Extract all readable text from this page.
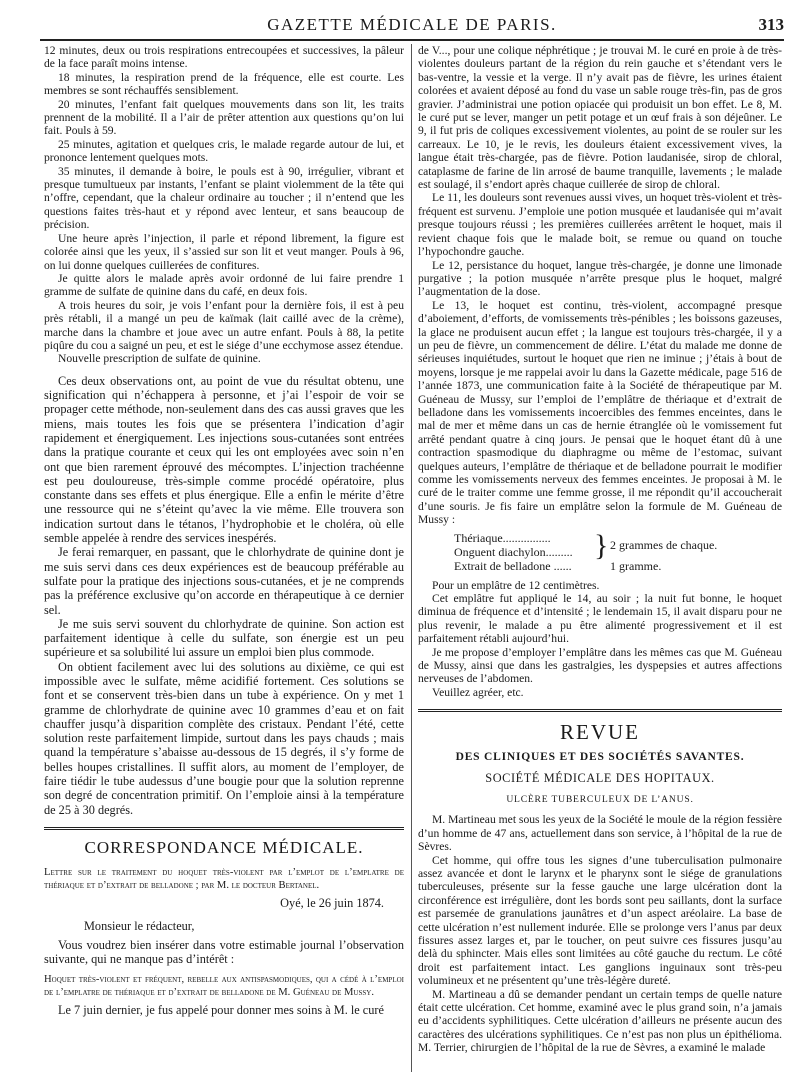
GAZETTE MÉDICALE DE PARIS.	313

12 minutes, deux ou trois respirations entrecoupées et successives, la pâleur de la face paraît moins intense.

18 minutes, la respiration prend de la fréquence, elle est courte. Les membres se sont réchauffés sensiblement.

20 minutes, l’enfant fait quelques mouvements dans son lit, les traits prennent de la mobilité. Il a l’air de prêter attention aux questions qu’on lui fait. Pouls à 59.

25 minutes, agitation et quelques cris, le malade regarde autour de lui, et prononce lentement quelques mots.

35 minutes, il demande à boire, le pouls est à 90, irrégulier, vibrant et presque tumultueux par instants, l’enfant se plaint violemment de la tête qui n’offre, cependant, que la chaleur ordinaire au toucher ; il n’entend que les questions faites très-haut et y répond avec lenteur, et sans beaucoup de précision.

Une heure après l’injection, il parle et répond librement, la figure est colorée ainsi que les yeux, il s’assied sur son lit et veut manger. Pouls à 96, on lui donne quelques cuillerées de confitures.

Je quitte alors le malade après avoir ordonné de lui faire prendre 1 gramme de sulfate de quinine dans du café, en deux fois.

A trois heures du soir, je vois l’enfant pour la dernière fois, il est à peu près rétabli, il a mangé un peu de kaïmak (lait caillé avec de la crème), marche dans la chambre et joue avec un autre enfant. Pouls à 88, la petite piqûre du cou a saigné un peu, et est le siége d’une ecchymose assez étendue.

Nouvelle prescription de sulfate de quinine.

Ces deux observations ont, au point de vue du résultat obtenu, une signification qui n’échappera à personne, et j’ai l’espoir de voir se propager cette méthode, non-seulement dans des cas aussi graves que les miens, mais toutes les fois que se présentera l’indication d’agir rapidement et énergiquement. Les injections sous-cutanées sont entrées dans la pratique courante et ceux qui les ont employées avec soin n’en ont que bien rarement éprouvé des mécomptes. L’injection trachéenne est peu douloureuse, très-simple comme procédé opératoire, plus constante dans ses effets et plus énergique. Elle a enfin le mérite d’être une ressource qui ne s’éteint qu’avec la vie même. Elle trouvera son indication surtout dans le tétanos, l’hydrophobie et le choléra, où elle semble appelée à rendre des services inespérés.

Je ferai remarquer, en passant, que le chlorhydrate de quinine dont je me suis servi dans ces deux expériences est de beaucoup préférable au sulfate pour la pratique des injections sous-cutanées, et je ne comprends pas la préférence exclusive qu’on accorde en thérapeutique à ce dernier sel.

Je me suis servi souvent du chlorhydrate de quinine. Son action est parfaitement identique à celle du sulfate, son énergie est un peu supérieure et sa solubilité lui assure un emploi bien plus commode.

On obtient facilement avec lui des solutions au dixième, ce qui est impossible avec le sulfate, même acidifié fortement. Ces solutions se font et se conservent très-bien dans un tube à expérience. On y met 1 gramme de chlorhydrate de quinine avec 10 grammes d’eau et on fait chauffer jusqu’à disparition complète des cristaux. Pendant l’été, cette solution reste parfaitement limpide, surtout dans les pays chauds ; mais quand la température s’abaisse au-dessous de 15 degrés, il s’y forme de belles houpes cristallines. Il suffit alors, au moment de l’employer, de faire tiédir le tube audessus d’une bougie pour que la solution reprenne son degré de concentration primitif. On l’emploie ainsi à la température de 25 à 30 degrés.

CORRESPONDANCE MÉDICALE.
Lettre sur le traitement du hoquet très-violent par l’emplot de l’emplatre de thériaque et d’extrait de belladone ; par M. le docteur Bertanel.
Oyé, le 26 juin 1874.
Monsieur le rédacteur,

Vous voudrez bien insérer dans votre estimable journal l’observation suivante, qui ne manque pas d’intérêt :

Hoquet très-violent et fréquent, rebelle aux antispasmodiques, qui a cédé à l’emploi de l’emplatre de thériaque et d’extrait de belladone de M. Guéneau de Mussy.

Le 7 juin dernier, je fus appelé pour donner mes soins à M. le curé

de V..., pour une colique néphrétique ; je trouvai M. le curé en proie à de très-violentes douleurs partant de la région du rein gauche et s’étendant vers le bas-ventre, la vessie et la verge. Il n’y avait pas de fièvre, les urines étaient colorées et avaient déposé au fond du vase un sable rouge très-fin, pas de gros gravier. J’administrai une potion opiacée qui produisit un bon effet. Le 8, M. le curé put se lever, manger un petit potage et un œuf frais à son déjeûner. Le 9, il fut pris de coliques excessivement violentes, au point de se rouler sur les carreaux. Le 10, je le revis, les douleurs étaient excessivement vives, la langue était très-chargée, pas de fièvre. Potion laudanisée, sirop de chloral, cataplasme de farine de lin arrosé de baume tranquille, lavements ; le malade est soulagé, il s’endort après chaque cuillerée de sirop de chloral.

Le 11, les douleurs sont revenues aussi vives, un hoquet très-violent et très-fréquent est survenu. J’emploie une potion musquée et laudanisée qui m’avait presque toujours réussi ; les premières cuillerées arrêtent le hoquet, mais il revient chaque fois que le malade boit, se remue ou quand on touche l’hypochondre gauche.

Le 12, persistance du hoquet, langue très-chargée, je donne une limonade purgative ; la potion musquée n’arrête presque plus le hoquet, malgré l’augmentation de la dose.

Le 13, le hoquet est continu, très-violent, accompagné presque d’aboiement, d’efforts, de vomissements très-pénibles ; les boissons gazeuses, la glace ne produisent aucun effet ; la langue est toujours très-chargée, il y a un peu de fièvre, un commencement de délire. L’état du malade me donne de sérieuses inquiétudes, surtout le hoquet que rien ne iminue ; j’étais à bout de moyens, lorsque je me rappelai avoir lu dans la Gazette médicale, page 516 de l’année 1873, une communication faite à la Société de thérapeutique par M. Guéneau de Mussy, sur l’emploi de l’emplâtre de thériaque et d’extrait de belladone dans les vomissements incoercibles des femmes enceintes, dans le mal de mer et même dans un cas de hernie étranglée où le vomissement fut arrêté pendant quatre à cinq jours. Je pensai que le hoquet étant dû à une contraction spasmodique du diaphragme ou même de l’estomac, suivant quelques auteurs, l’emplâtre de thériaque et de belladone pourrait le modifier comme les vomissements nerveux des femmes enceintes. Je proposai à M. le curé de le traiter comme une femme grosse, il me répondit qu’il accoucherait d’une souris. Je fis faire un emplâtre selon la formule de M. Guéneau de Mussy :

Thériaque................
Onguent diachylon.........
Extrait de belladone ......
} 2 grammes de chaque.
1 gramme.

Pour un emplâtre de 12 centimètres.

Cet emplâtre fut appliqué le 14, au soir ; la nuit fut bonne, le hoquet diminua de fréquence et d’intensité ; le lendemain 15, il avait disparu pour ne plus revenir, le malade a pu être alimenté progressivement et il est parfaitement rétabli aujourd’hui.

Je me propose d’employer l’emplâtre dans les mêmes cas que M. Guéneau de Mussy, ainsi que dans les gastralgies, les dyspepsies et autres affections nerveuses de l’abdomen.

Veuillez agréer, etc.

REVUE
DES CLINIQUES ET DES SOCIÉTÉS SAVANTES.
SOCIÉTÉ MÉDICALE DES HOPITAUX.
ULCÈRE TUBERCULEUX DE L’ANUS.

M. Martineau met sous les yeux de la Société le moule de la région fessière d’un homme de 47 ans, actuellement dans son service, à l’hôpital de la rue de Sèvres.

Cet homme, qui offre tous les signes d’une tuberculisation pulmonaire assez avancée et dont le larynx et le pharynx sont le siége de granulations tuberculeuses, présente sur la fesse gauche une large ulcération dont la circonférence est irrégulière, dont les bords sont peu saillants, dont la surface est parsemée de granulations jaunâtres et d’un aspect aréolaire. La base de cette ulcération n’est nullement indurée. Elle se prolonge vers l’anus par deux fissures assez larges et, par le toucher, on peut suivre ces fissures jusqu’au delà du sphincter. Mais elles sont limitées au côté gauche du rectum. Le côté droit est parfaitement intact. Les ganglions inguinaux sont très-peu volumineux et ne présentent qu’une très-légère dureté.

M. Martineau a dû se demander pendant un certain temps de quelle nature était cette ulcération. Cet homme, examiné avec le plus grand soin, n’a jamais eu d’accidents syphilitiques. Cette ulcération d’ailleurs ne présente aucun des caractères des ulcérations syphilitiques. Ce n’est pas non plus un épithélioma. M. Terrier, chirurgien de l’hôpital de la rue de Sèvres, a examiné le malade
